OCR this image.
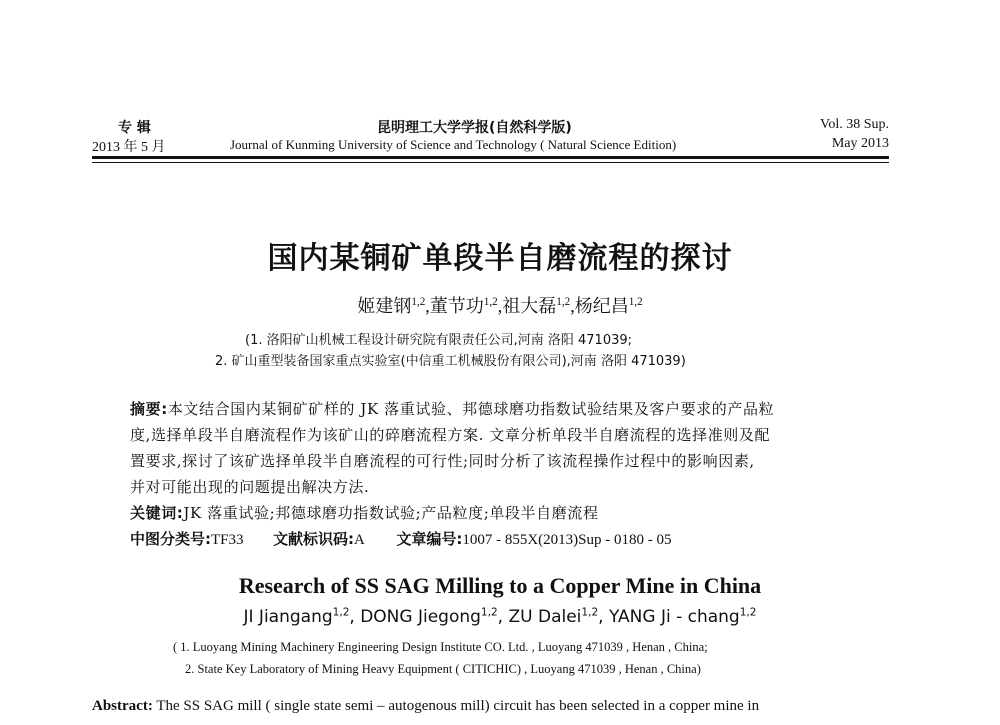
专 辑
2013 年 5 月
昆明理工大学学报(自然科学版)
Journal of Kunming University of Science and Technology ( Natural Science Edition)
Vol. 38 Sup.
May 2013
国内某铜矿单段半自磨流程的探讨
姬建钢$^{1,2}$,董节功$^{1,2}$,祖大磊$^{1,2}$,杨纪昌$^{1,2}$
(1. 洛阳矿山机械工程设计研究院有限责任公司,河南 洛阳 471039;
2. 矿山重型装备国家重点实验室(中信重工机械股份有限公司),河南 洛阳 471039)
摘要:本文结合国内某铜矿矿样的 JK 落重试验、邦德球磨功指数试验结果及客户要求的产品粒
度,选择单段半自磨流程作为该矿山的碎磨流程方案. 文章分析单段半自磨流程的选择准则及配
置要求,探讨了该矿选择单段半自磨流程的可行性;同时分析了该流程操作过程中的影响因素,
并对可能出现的问题提出解决方法.
关键词:JK 落重试验;邦德球磨功指数试验;产品粒度;单段半自磨流程
中图分类号:TF33 文献标识码:A 文章编号:1007 - 855X(2013)Sup - 0180 - 05
Research of SS SAG Milling to a Copper Mine in China
JI Jiangang$^{1,2}$, DONG Jiegong$^{1,2}$, ZU Dalei$^{1,2}$, YANG Ji - chang$^{1,2}$
( 1. Luoyang Mining Machinery Engineering Design Institute CO. Ltd. , Luoyang 471039 , Henan , China;
2. State Key Laboratory of Mining Heavy Equipment ( CITICHIC) , Luoyang 471039 , Henan , China)
Abstract: The SS SAG mill ( single state semi – autogenous mill) circuit has been selected in a copper mine in
